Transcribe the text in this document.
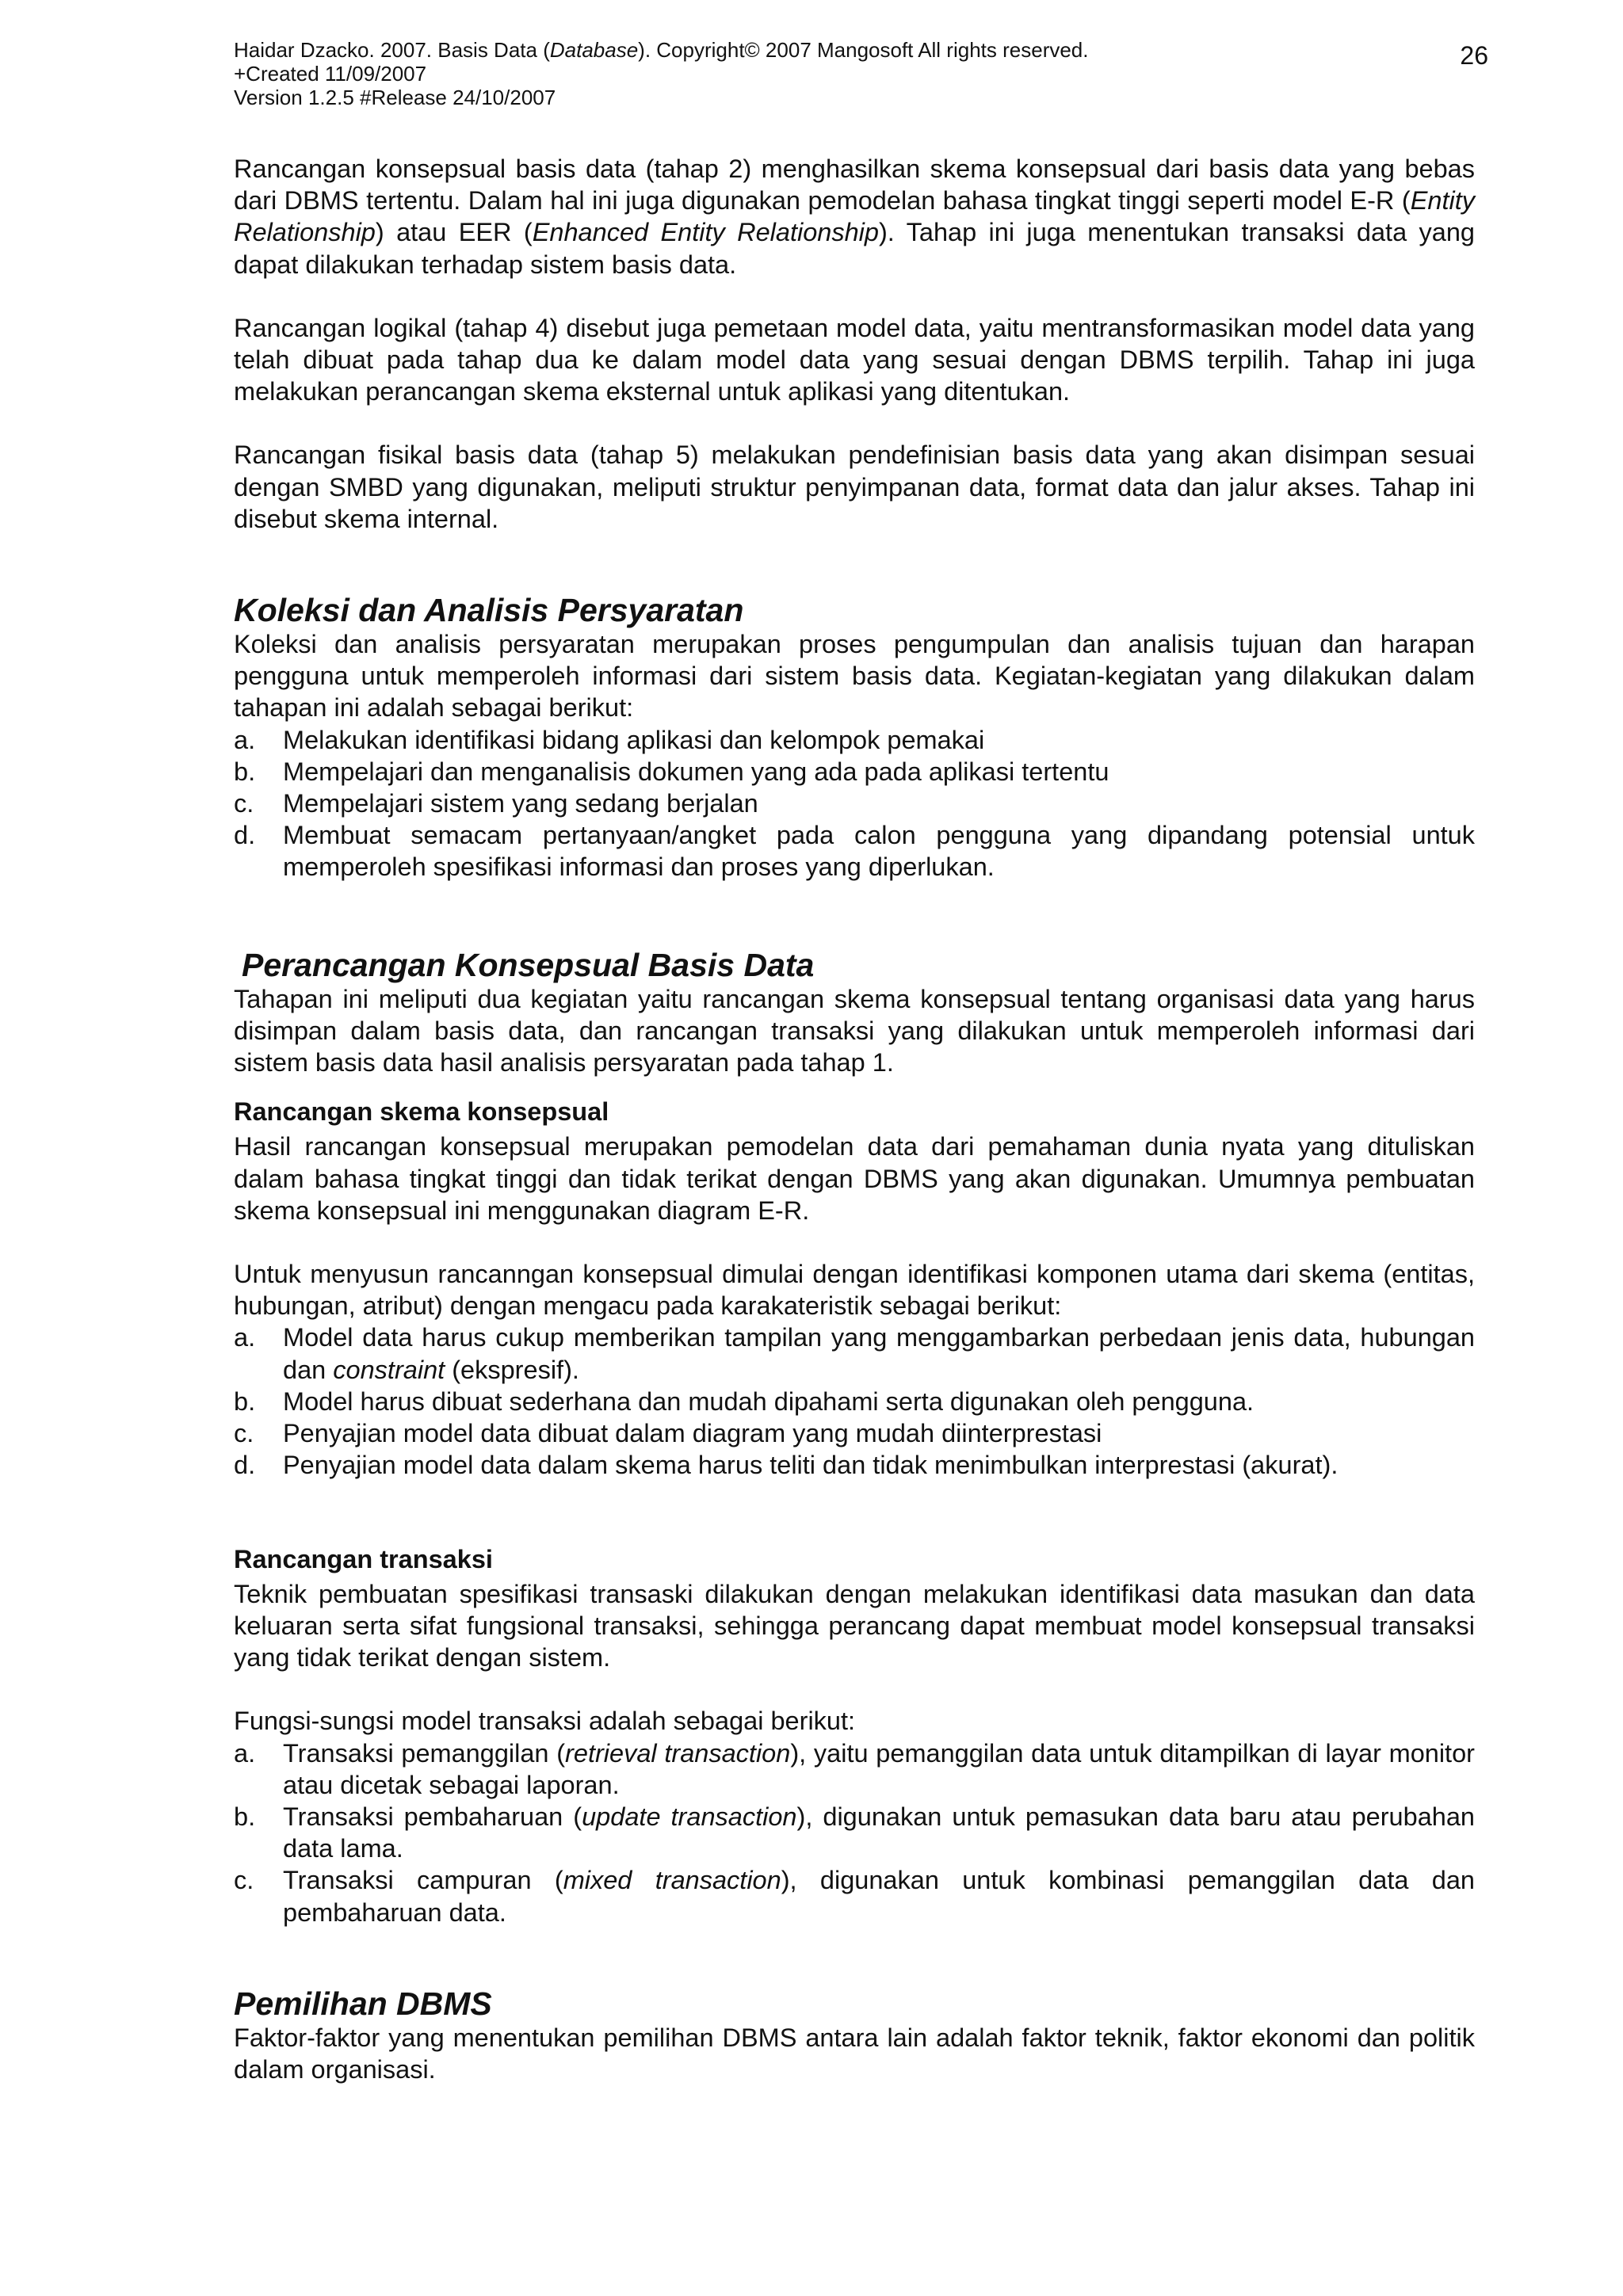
Haidar Dzacko. 2007. Basis Data (Database). Copyright© 2007 Mangosoft All rights reserved.
+Created 11/09/2007
Version 1.2.5 #Release 24/10/2007
26

Rancangan konsepsual basis data (tahap 2) menghasilkan skema konsepsual dari basis data yang bebas dari DBMS tertentu. Dalam hal ini juga digunakan pemodelan bahasa tingkat tinggi seperti model E-R (Entity Relationship) atau EER (Enhanced Entity Relationship). Tahap ini juga menentukan transaksi data yang dapat dilakukan terhadap sistem basis data.

Rancangan logikal (tahap 4) disebut juga pemetaan model data, yaitu mentransformasikan model data yang telah dibuat pada tahap dua ke dalam model data yang sesuai dengan DBMS terpilih. Tahap ini juga melakukan perancangan skema eksternal untuk aplikasi yang ditentukan.

Rancangan fisikal basis data (tahap 5) melakukan pendefinisian basis data yang akan disimpan sesuai dengan SMBD yang digunakan, meliputi struktur penyimpanan data, format data dan jalur akses. Tahap ini disebut skema internal.

Koleksi dan Analisis Persyaratan

Koleksi dan analisis persyaratan merupakan proses pengumpulan dan analisis tujuan dan harapan pengguna untuk memperoleh informasi dari sistem basis data. Kegiatan-kegiatan yang dilakukan dalam tahapan ini adalah sebagai berikut:

a. Melakukan identifikasi bidang aplikasi dan kelompok pemakai
b. Mempelajari dan menganalisis dokumen yang ada pada aplikasi tertentu
c. Mempelajari sistem yang sedang berjalan
d. Membuat semacam pertanyaan/angket pada calon pengguna yang dipandang potensial untuk memperoleh spesifikasi informasi dan proses yang diperlukan.
Perancangan Konsepsual Basis Data

Tahapan ini meliputi dua kegiatan yaitu rancangan skema konsepsual tentang organisasi data yang harus disimpan dalam basis data, dan rancangan transaksi yang dilakukan untuk memperoleh informasi dari sistem basis data hasil analisis persyaratan pada tahap 1.

Rancangan skema konsepsual

Hasil rancangan konsepsual merupakan pemodelan data dari pemahaman dunia nyata yang dituliskan dalam bahasa tingkat tinggi dan tidak terikat dengan DBMS yang akan digunakan. Umumnya pembuatan skema konsepsual ini menggunakan diagram E-R.

Untuk menyusun rancanngan konsepsual dimulai dengan identifikasi komponen utama dari skema (entitas, hubungan, atribut) dengan mengacu pada karakateristik sebagai berikut:

a. Model data harus cukup memberikan tampilan yang menggambarkan perbedaan jenis data, hubungan dan constraint (ekspresif).
b. Model harus dibuat sederhana dan mudah dipahami serta digunakan oleh pengguna.
c. Penyajian model data dibuat dalam diagram yang mudah diinterprestasi
d. Penyajian model data dalam skema harus teliti dan tidak menimbulkan interprestasi (akurat).
Rancangan transaksi

Teknik pembuatan spesifikasi transaski dilakukan dengan melakukan identifikasi data masukan dan data keluaran serta sifat fungsional transaksi, sehingga perancang dapat membuat model konsepsual transaksi yang tidak terikat dengan sistem.

Fungsi-sungsi model transaksi adalah sebagai berikut:

a. Transaksi pemanggilan (retrieval transaction), yaitu pemanggilan data untuk ditampilkan di layar monitor atau dicetak sebagai laporan.
b. Transaksi pembaharuan (update transaction), digunakan untuk pemasukan data baru atau perubahan data lama.
c. Transaksi campuran (mixed transaction), digunakan untuk kombinasi pemanggilan data dan pembaharuan data.
Pemilihan DBMS

Faktor-faktor yang menentukan pemilihan DBMS antara lain adalah faktor teknik, faktor ekonomi dan politik dalam organisasi.
